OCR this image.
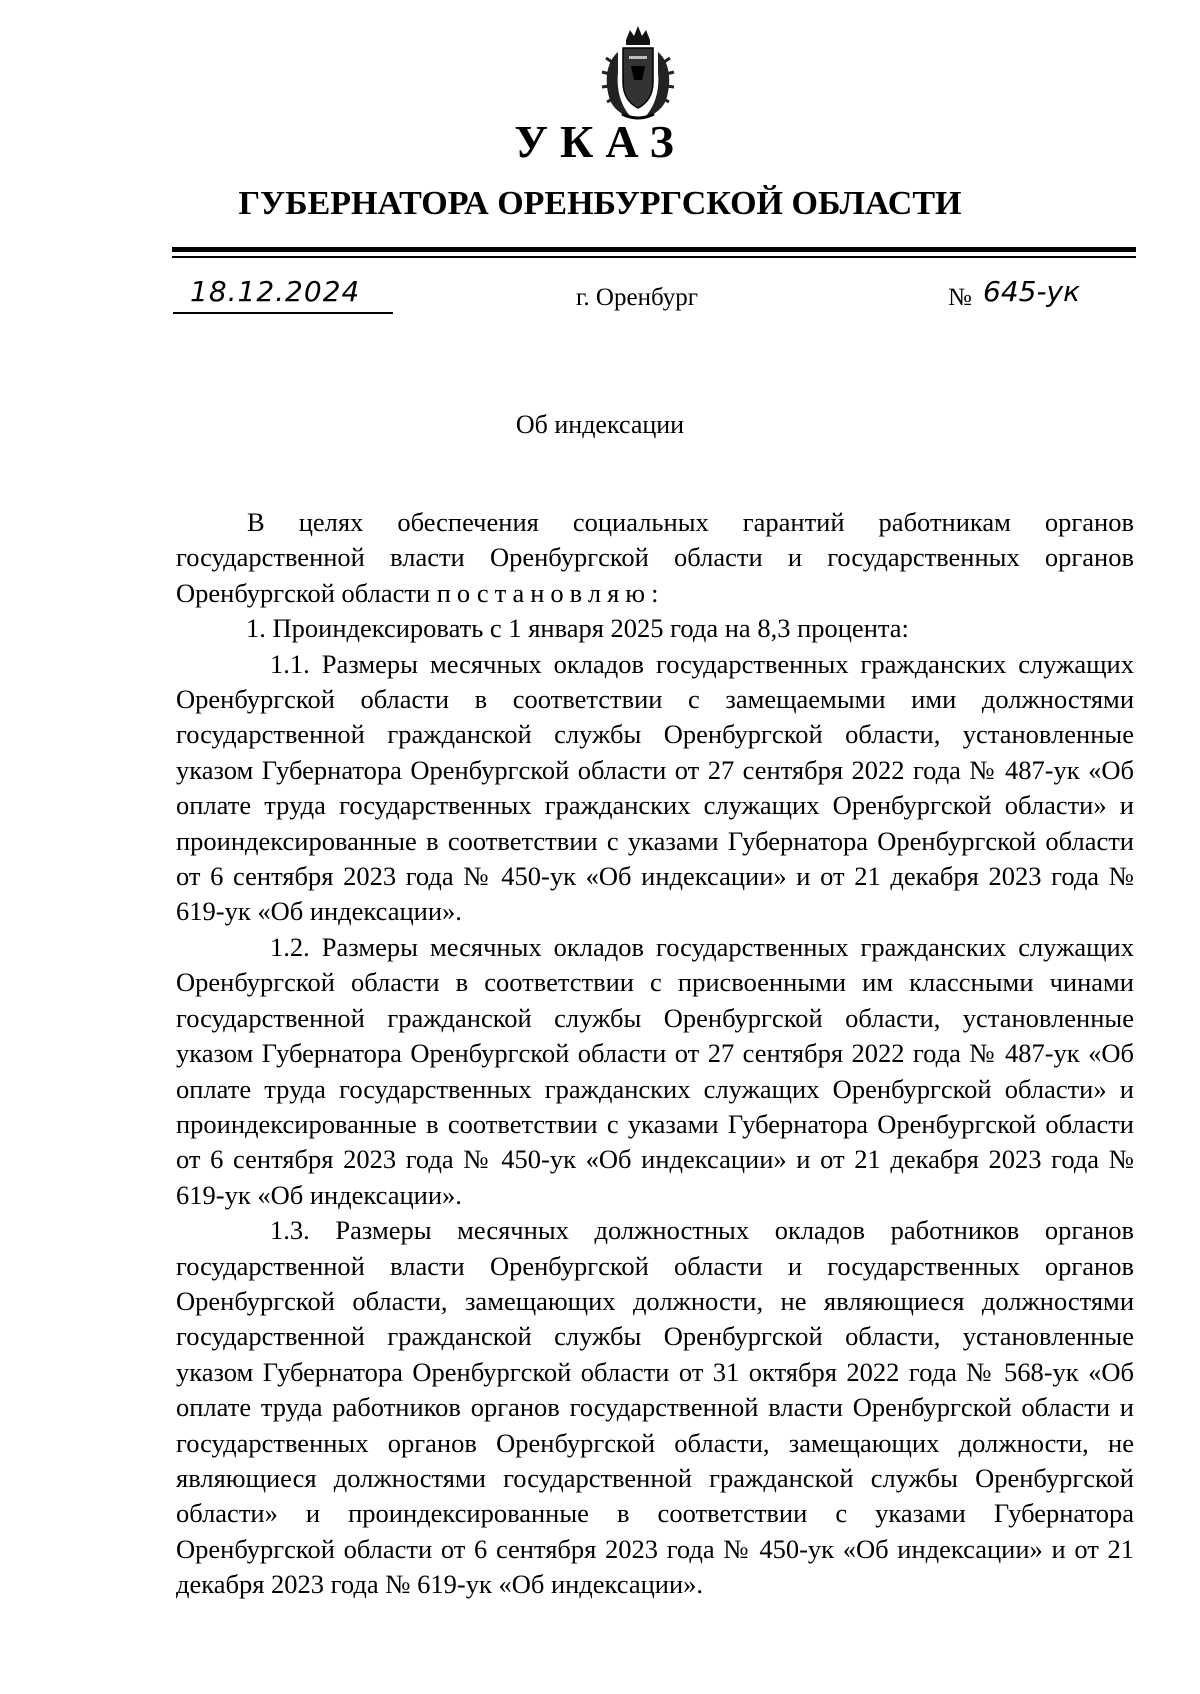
УКАЗ
ГУБЕРНАТОРА ОРЕНБУРГСКОЙ ОБЛАСТИ
18.12.2024	г. Оренбург	№ 645-ук
Об индексации

В целях обеспечения социальных гарантий работникам органов государственной власти Оренбургской области и государственных органов Оренбургской области постановляю:

1. Проиндексировать с 1 января 2025 года на 8,3 процента:

1.1. Размеры месячных окладов государственных гражданских служащих Оренбургской области в соответствии с замещаемыми ими должностями государственной гражданской службы Оренбургской области, установленные указом Губернатора Оренбургской области от 27 сентября 2022 года № 487-ук «Об оплате труда государственных гражданских служащих Оренбургской области» и проиндексированные в соответствии с указами Губернатора Оренбургской области от 6 сентября 2023 года № 450-ук «Об индексации» и от 21 декабря 2023 года № 619-ук «Об индексации».

1.2. Размеры месячных окладов государственных гражданских служащих Оренбургской области в соответствии с присвоенными им классными чинами государственной гражданской службы Оренбургской области, установленные указом Губернатора Оренбургской области от 27 сентября 2022 года № 487-ук «Об оплате труда государственных гражданских служащих Оренбургской области» и проиндексированные в соответствии с указами Губернатора Оренбургской области от 6 сентября 2023 года № 450-ук «Об индексации» и от 21 декабря 2023 года № 619-ук «Об индексации».

1.3. Размеры месячных должностных окладов работников органов государственной власти Оренбургской области и государственных органов Оренбургской области, замещающих должности, не являющиеся должностями государственной гражданской службы Оренбургской области, установленные указом Губернатора Оренбургской области от 31 октября 2022 года № 568-ук «Об оплате труда работников органов государственной власти Оренбургской области и государственных органов Оренбургской области, замещающих должности, не являющиеся должностями государственной гражданской службы Оренбургской области» и проиндексированные в соответствии с указами Губернатора Оренбургской области от 6 сентября 2023 года № 450-ук «Об индексации» и от 21 декабря 2023 года № 619-ук «Об индексации».
